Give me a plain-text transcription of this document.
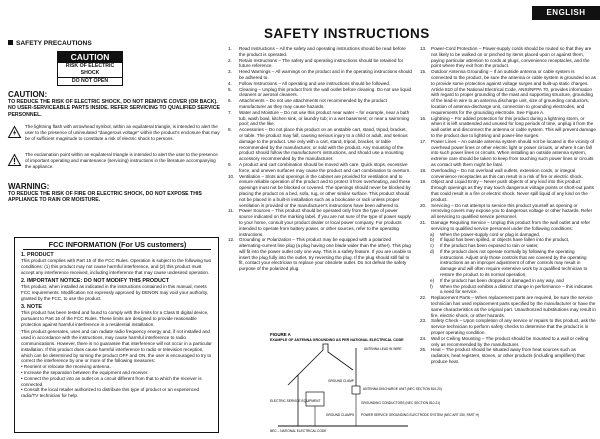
ENGLISH
SAFETY PRECAUTIONS
SAFETY INSTRUCTIONS
CAUTION
RISK OF ELECTRIC SHOCK
DO NOT OPEN
CAUTION:
TO REDUCE THE RISK OF ELECTRIC SHOCK, DO NOT REMOVE COVER (OR BACK). NO USER-SERVICEABLE PARTS INSIDE. REFER SERVICING TO QUALIFIED SERVICE PERSONNEL.
The lightning flash with arrowhead symbol, within an equilateral triangle, is intended to alert the user to the presence of uninsulated "dangerous voltage" within the product's enclosure that may be of sufficient magnitude to constitute a risk of electric shock to persons.
The exclamation point within an equilateral triangle is intended to alert the user to the presence of important operating and maintenance (servicing) instructions in the literature accompanying the appliance.
WARNING:
TO REDUCE THE RISK OF FIRE OR ELECTRIC SHOCK, DO NOT EXPOSE THIS APPLIANCE TO RAIN OR MOISTURE.
FCC INFORMATION (For US customers)
1. PRODUCT
This product complies with Part 15 of the FCC Rules. Operation is subject to the following two conditions: (1) this product may not cause harmful interference, and (2) this product must accept any interference received, including interference that may cause undesired operation.
2. IMPORTANT NOTICE: DO NOT MODIFY THIS PRODUCT
This product, when installed as indicated in the instructions contained in this manual, meets FCC requirements. Modification not expressly approved by DENON may void your authority, granted by the FCC, to use the product.
3. NOTE
This product has been tested and found to comply with the limits for a Class B digital device, pursuant to Part 15 of the FCC Rules. These limits are designed to provide reasonable protection against harmful interference in a residential installation.
This product generates, uses and can radiate radio frequency energy and, if not installed and used in accordance with the instructions, may cause harmful interference to radio communications. However, there is no guarantee that interference will not occur in a particular installation. If this product does cause harmful interference to radio or television reception, which can be determined by turning the product OFF and ON, the user is encouraged to try to correct the interference by one or more of the following measures:
• Reorient or relocate the receiving antenna.
• Increase the separation between the equipment and receiver.
• Connect the product into an outlet on a circuit different from that to which the receiver is connected.
• Consult the local retailer authorized to distribute this type of product or an experienced radio/TV technician for help.
1.	Read Instructions – All the safety and operating instructions should be read before the product is operated.
2.	Retain Instructions – The safety and operating instructions should be retained for future reference.
3.	Heed Warnings – All warnings on the product and in the operating instructions should be adhered to.
4.	Follow Instructions – All operating and use instructions should be followed.
5.	Cleaning – Unplug this product from the wall outlet before cleaning. Do not use liquid cleaners or aerosol cleaners.
6.	Attachments – Do not use attachments not recommended by the product manufacturer as they may cause hazards.
7.	Water and Moisture – Do not use this product near water – for example, near a bath tub, wash bowl, kitchen sink, or laundry tub; in a wet basement; or near a swimming pool; and the like.
8.	Accessories – Do not place this product on an unstable cart, stand, tripod, bracket, or table. The product may fall, causing serious injury to a child or adult, and serious damage to the product. Use only with a cart, stand, tripod, bracket, or table recommended by the manufacturer, or sold with the product. Any mounting of the product should follow the manufacturer's instructions, and should use a mounting accessory recommended by the manufacturer.
9.	A product and cart combination should be moved with care. Quick stops, excessive force, and uneven surfaces may cause the product and cart combination to overturn.
10.	Ventilation – Slots and openings in the cabinet are provided for ventilation and to ensure reliable operation of the product and to protect it from overheating, and these openings must not be blocked or covered. The openings should never be blocked by placing the product on a bed, sofa, rug, or other similar surface. This product should not be placed in a built-in installation such as a bookcase or rack unless proper ventilation is provided or the manufacturer's instructions have been adhered to.
11.	Power Sources – This product should be operated only from the type of power source indicated on the marking label. If you are not sure of the type of power supply to your home, consult your product dealer or local power company. For products intended to operate from battery power, or other sources, refer to the operating instructions.
12.	Grounding or Polarization – This product may be equipped with a polarized alternating-current line plug (a plug having one blade wider than the other). This plug will fit into the power outlet only one way. This is a safety feature. If you are unable to insert the plug fully into the outlet, try reversing the plug. If the plug should still fail to fit, contact your electrician to replace your obsolete outlet. Do not defeat the safety purpose of the polarized plug.
FIGURE A
EXAMPLE OF ANTENNA GROUNDING AS PER NATIONAL ELECTRICAL CODE
ANTENNA LEAD IN WIRE
GROUND CLAMP
ANTENNA DISCHARGE UNIT (NEC SECTION 810-20)
ELECTRIC SERVICE EQUIPMENT	GROUNDING CONDUCTORS (NEC SECTION 810-21)
GROUND CLAMPS POWER SERVICE GROUNDING ELECTRODE SYSTEM (NEC ART 250, PART H)
NEC – NATIONAL ELECTRICAL CODE
13.	Power-Cord Protection – Power-supply cords should be routed so that they are not likely to be walked on or pinched by items placed upon or against them, paying particular attention to cords at plugs, convenience receptacles, and the point where they exit from the product.
15.	Outdoor Antenna Grounding – If an outside antenna or cable system is connected to the product, be sure the antenna or cable system is grounded so as to provide some protection against voltage surges and built-up static charges. Article 810 of the National Electrical Code, ANSI/NFPA 70, provides information with regard to proper grounding of the mast and supporting structure, grounding of the lead-in wire to an antenna discharge unit, size of grounding conductors, location of antenna-discharge unit, connection to grounding electrodes, and requirements for the grounding electrode. See Figure A.
16.	Lightning – For added protection for this product during a lightning storm, or when it is left unattended and unused for long periods of time, unplug it from the wall outlet and disconnect the antenna or cable system. This will prevent damage to the product due to lightning and power-line surges.
17.	Power Lines – An outside antenna system should not be located in the vicinity of overhead power lines or other electric light or power circuits, or where it can fall into such power lines or circuits. When installing an outside antenna system, extreme care should be taken to keep from touching such power lines or circuits as contact with them might be fatal.
18.	Overloading – Do not overload wall outlets, extension cords, or integral convenience receptacles as this can result in a risk of fire or electric shock.
19.	Object and Liquid Entry – Never push objects of any kind into this product through openings as they may touch dangerous voltage points or short-out parts that could result in a fire or electric shock. Never spill liquid of any kind on the product.
20.	Servicing – Do not attempt to service this product yourself as opening or removing covers may expose you to dangerous voltage or other hazards. Refer all servicing to qualified service personnel.
21.	Damage Requiring Service – Unplug this product from the wall outlet and refer servicing to qualified service personnel under the following conditions:
a)	When the power-supply cord or plug is damaged,
b)	If liquid has been spilled, or objects have fallen into the product,
c)	If the product has been exposed to rain or water,
d)	If the product does not operate normally by following the operating instructions. Adjust only those controls that are covered by the operating instructions as an improper adjustment of other controls may result in damage and will often require extensive work by a qualified technician to restore the product to its normal operation,
e)	If the product has been dropped or damaged in any way, and
f)	When the product exhibits a distinct change in performance – this indicates a need for service.
22.	Replacement Parts – When replacement parts are required, be sure the service technician has used replacement parts specified by the manufacturer or have the same characteristics as the original part. Unauthorized substitutions may result in fire, electric shock, or other hazards.
23.	Safety Check – Upon completion of any service or repairs to this product, ask the service technician to perform safety checks to determine that the product is in proper operating condition.
24.	Wall or Ceiling Mounting – The product should be mounted to a wall or ceiling only as recommended by the manufacturer.
25.	Heat – The product should be situated away from heat sources such as radiators, heat registers, stoves, or other products (including amplifiers) that produce heat.
